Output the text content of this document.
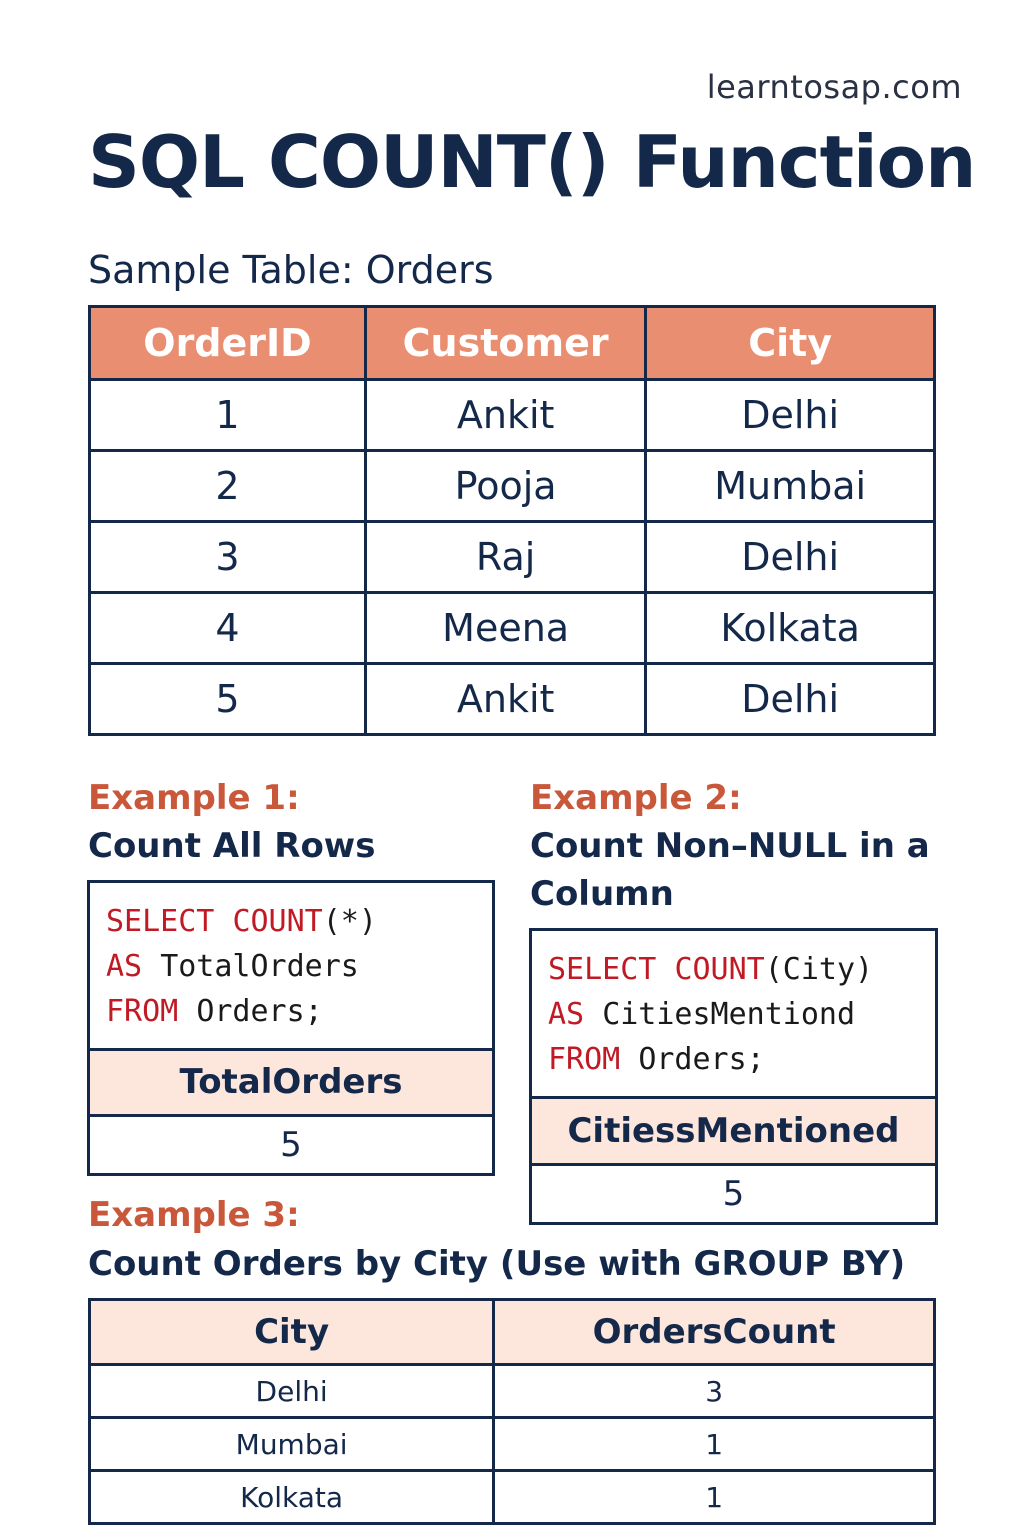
learntosap.com
SQL COUNT() Function
Sample Table: Orders
OrderID	Customer	City
1	Ankit	Delhi
2	Pooja	Mumbai
3	Raj	Delhi
4	Meena	Kolkata
5	Ankit	Delhi
Example 1:
Count All Rows
SELECT COUNT(*)
AS TotalOrders
FROM Orders;
TotalOrders
5
Example 2:
Count Non–NULL in a
Column
SELECT COUNT(City)
AS CitiesMentiond
FROM Orders;
CitiessMentioned
5
Example 3:
Count Orders by City (Use with GROUP BY)
City	OrdersCount
Delhi	3
Mumbai	1
Kolkata	1
